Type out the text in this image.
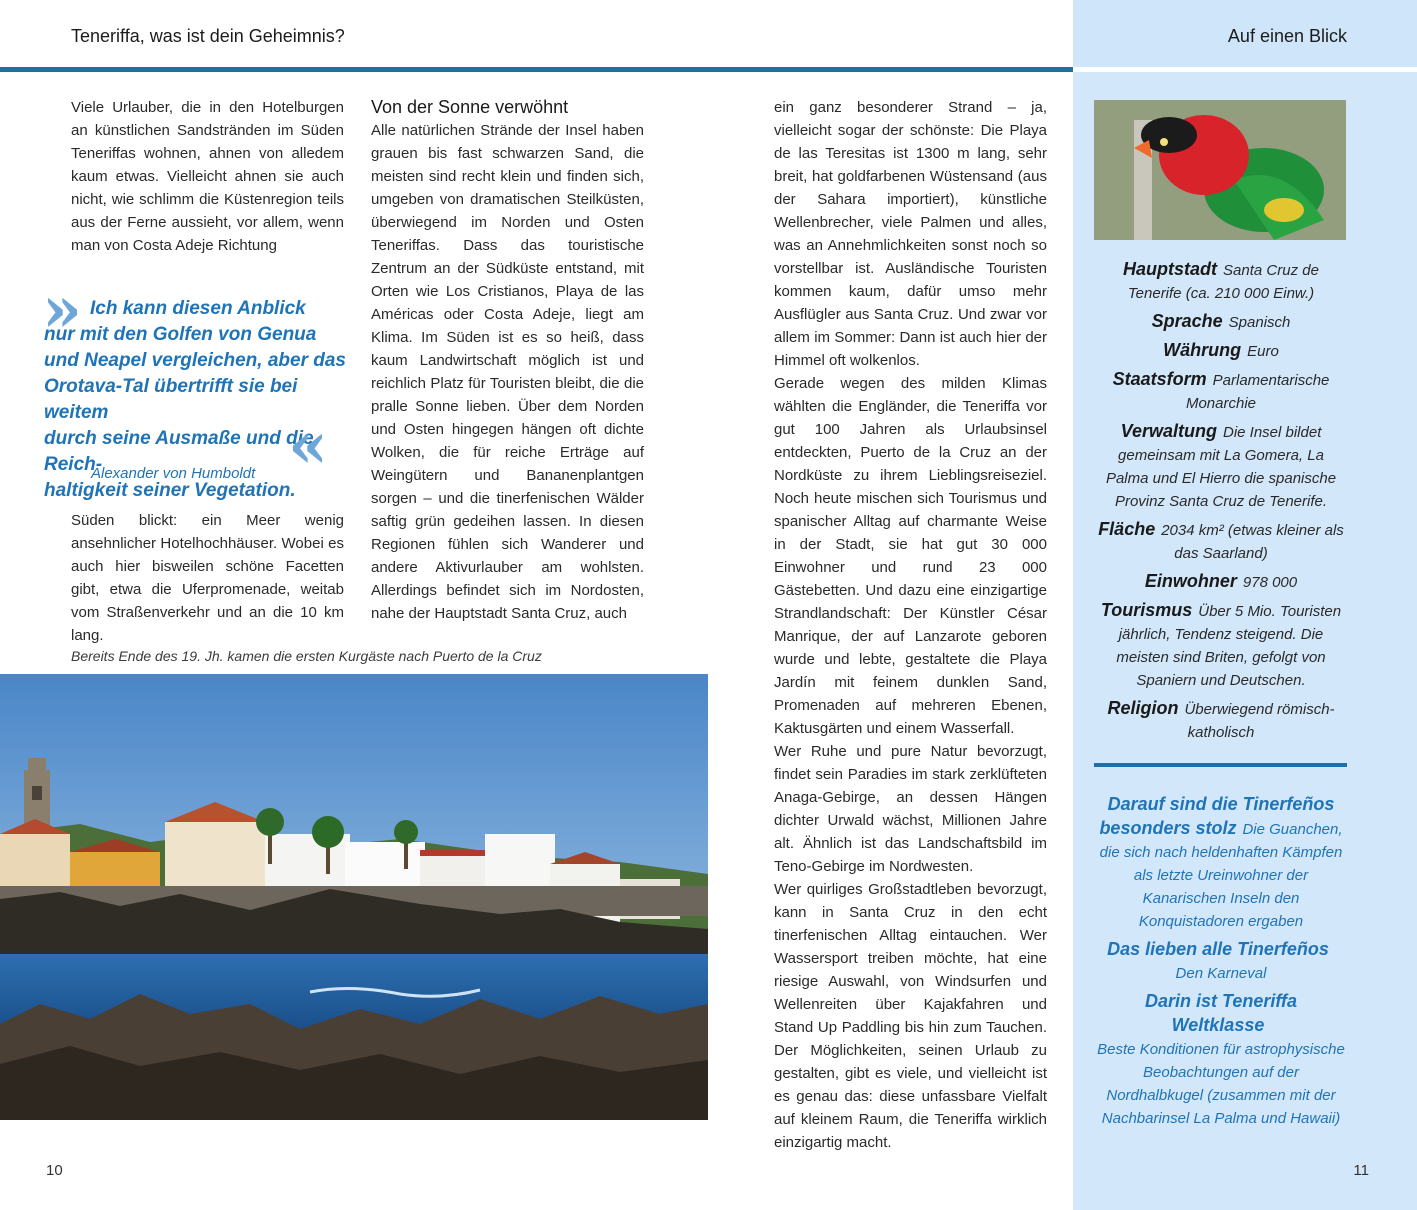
Teneriffa, was ist dein Geheimnis?	Auf einen Blick

Viele Urlauber, die in den Hotelburgen an künstlichen Sandstränden im Süden Teneriffas wohnen, ahnen von alledem kaum etwas. Vielleicht ahnen sie auch nicht, wie schlimm die Küstenregion teils aus der Ferne aussieht, vor allem, wenn man von Costa Adeje Richtung

» Ich kann diesen Anblick
nur mit den Golfen von Genua
und Neapel vergleichen, aber das
Orotava-Tal übertrifft sie bei weitem
durch seine Ausmaße und die Reich-
haltigkeit seiner Vegetation.
«
Alexander von Humboldt

Süden blickt: ein Meer wenig ansehnlicher Hotelhochhäuser. Wobei es auch hier bisweilen schöne Facetten gibt, etwa die Uferpromenade, weitab vom Straßenverkehr und an die 10 km lang.

Von der Sonne verwöhnt

Alle natürlichen Strände der Insel haben grauen bis fast schwarzen Sand, die meisten sind recht klein und finden sich, umgeben von dramatischen Steilküsten, überwiegend im Norden und Osten Teneriffas. Dass das touristische Zentrum an der Südküste entstand, mit Orten wie Los Cristianos, Playa de las Américas oder Costa Adeje, liegt am Klima. Im Süden ist es so heiß, dass kaum Landwirtschaft möglich ist und reichlich Platz für Touristen bleibt, die die pralle Sonne lieben. Über dem Norden und Osten hingegen hängen oft dichte Wolken, die für reiche Erträge auf Weingütern und Bananenplantgen sorgen – und die tinerfenischen Wälder saftig grün gedeihen lassen. In diesen Regionen fühlen sich Wanderer und andere Aktivurlauber am wohlsten. Allerdings befindet sich im Nordosten, nahe der Hauptstadt Santa Cruz, auch

ein ganz besonderer Strand – ja, vielleicht sogar der schönste: Die Playa de las Teresitas ist 1300 m lang, sehr breit, hat goldfarbenen Wüstensand (aus der Sahara importiert), künstliche Wellenbrecher, viele Palmen und alles, was an Annehmlichkeiten sonst noch so vorstellbar ist. Ausländische Touristen kommen kaum, dafür umso mehr Ausflügler aus Santa Cruz. Und zwar vor allem im Sommer: Dann ist auch hier der Himmel oft wolkenlos.

Gerade wegen des milden Klimas wählten die Engländer, die Teneriffa vor gut 100 Jahren als Urlaubsinsel entdeckten, Puerto de la Cruz an der Nordküste zu ihrem Lieblingsreiseziel. Noch heute mischen sich Tourismus und spanischer Alltag auf charmante Weise in der Stadt, sie hat gut 30 000 Einwohner und rund 23 000 Gästebetten. Und dazu eine einzigartige Strandlandschaft: Der Künstler César Manrique, der auf Lanzarote geboren wurde und lebte, gestaltete die Playa Jardín mit feinem dunklen Sand, Promenaden auf mehreren Ebenen, Kaktusgärten und einem Wasserfall.

Wer Ruhe und pure Natur bevorzugt, findet sein Paradies im stark zerklüfteten Anaga-Gebirge, an dessen Hängen dichter Urwald wächst, Millionen Jahre alt. Ähnlich ist das Landschaftsbild im Teno-Gebirge im Nordwesten.

Wer quirliges Großstadtleben bevorzugt, kann in Santa Cruz in den echt tinerfenischen Alltag eintauchen. Wer Wassersport treiben möchte, hat eine riesige Auswahl, von Windsurfen und Wellenreiten über Kajakfahren und Stand Up Paddling bis hin zum Tauchen. Der Möglichkeiten, seinen Urlaub zu gestalten, gibt es viele, und vielleicht ist es genau das: diese unfassbare Vielfalt auf kleinem Raum, die Teneriffa wirklich einzigartig macht.

Bereits Ende des 19. Jh. kamen die ersten Kurgäste nach Puerto de la Cruz
Hauptstadt Santa Cruz de Tenerife (ca. 210 000 Einw.)
Sprache Spanisch
Währung Euro
Staatsform Parlamentarische Monarchie
Verwaltung Die Insel bildet gemeinsam mit La Gomera, La Palma und El Hierro die spanische Provinz Santa Cruz de Tenerife.
Fläche 2034 km² (etwas kleiner als das Saarland)
Einwohner 978 000
Tourismus Über 5 Mio. Touristen jährlich, Tendenz steigend. Die meisten sind Briten, gefolgt von Spaniern und Deutschen.
Religion Überwiegend römisch-katholisch
Darauf sind die Tinerfeños besonders stolz Die Guanchen, die sich nach heldenhaften Kämpfen als letzte Ureinwohner der Kanarischen Inseln den Konquistadoren ergaben
Das lieben alle Tinerfeños
Den Karneval
Darin ist Teneriffa Weltklasse
Beste Konditionen für astrophysische Beobachtungen auf der Nordhalbkugel (zusammen mit der Nachbarinsel La Palma und Hawaii)
10	11
